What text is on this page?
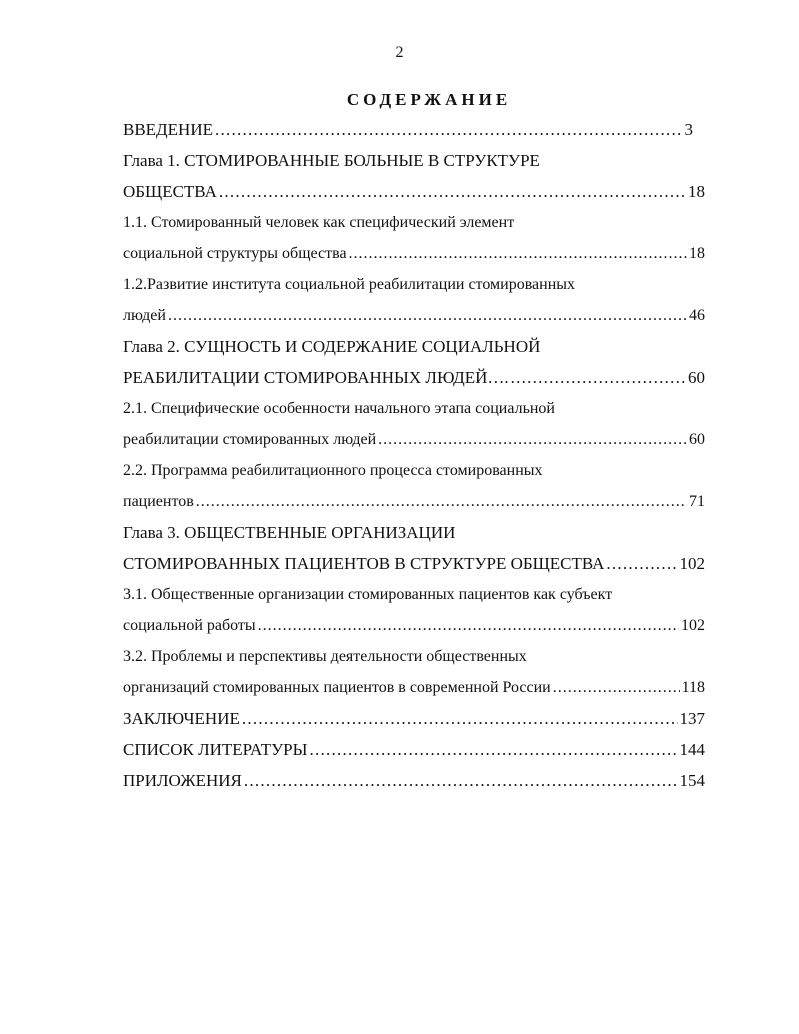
2
СОДЕРЖАНИЕ
ВВЕДЕНИЕ . . .	3
Глава 1. СТОМИРОВАННЫЕ БОЛЬНЫЕ В СТРУКТУРЕ
ОБЩЕСТВА . . .	18
1.1. Стомированный человек как специфический элемент
социальной структуры общества . . .	18
1.2.Развитие института социальной реабилитации стомированных
людей . . .	46
Глава 2. СУЩНОСТЬ И СОДЕРЖАНИЕ СОЦИАЛЬНОЙ
РЕАБИЛИТАЦИИ СТОМИРОВАННЫХ ЛЮДЕЙ…. . . .	60
2.1. Специфические особенности начального этапа социальной
реабилитации стомированных людей . . .	60
2.2. Программа реабилитационного процесса стомированных
пациентов . . .	71
Глава 3. ОБЩЕСТВЕННЫЕ ОРГАНИЗАЦИИ
СТОМИРОВАННЫХ ПАЦИЕНТОВ В СТРУКТУРЕ ОБЩЕСТВА . . .	102
3.1. Общественные организации стомированных пациентов как субъект
социальной работы . . .	102
3.2. Проблемы и перспективы деятельности общественных
организаций стомированных пациентов в современной России . . .	118
ЗАКЛЮЧЕНИЕ . . .	137
СПИСОК ЛИТЕРАТУРЫ . . .	144
ПРИЛОЖЕНИЯ . . .	154
